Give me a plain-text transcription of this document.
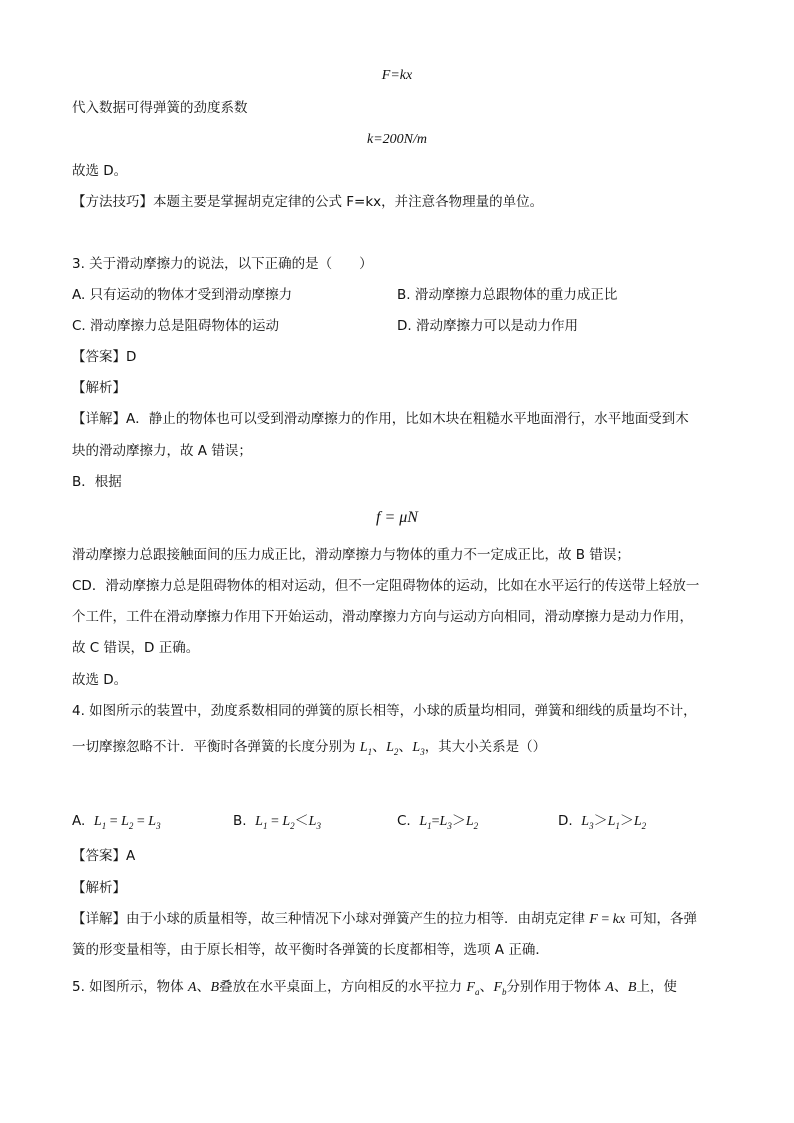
F=kx
代入数据可得弹簧的劲度系数
k=200N/m
故选 D。
【方法技巧】本题主要是掌握胡克定律的公式 F=kx，并注意各物理量的单位。
3. 关于滑动摩擦力的说法，以下正确的是（　　）
A. 只有运动的物体才受到滑动摩擦力	B. 滑动摩擦力总跟物体的重力成正比
C. 滑动摩擦力总是阻碍物体的运动	D. 滑动摩擦力可以是动力作用
【答案】D
【解析】
【详解】A．静止的物体也可以受到滑动摩擦力的作用，比如木块在粗糙水平地面滑行，水平地面受到木
块的滑动摩擦力，故 A 错误；
B．根据
f = μN
滑动摩擦力总跟接触面间的压力成正比，滑动摩擦力与物体的重力不一定成正比，故 B 错误；
CD．滑动摩擦力总是阻碍物体的相对运动，但不一定阻碍物体的运动，比如在水平运行的传送带上轻放一
个工件，工件在滑动摩擦力作用下开始运动，滑动摩擦力方向与运动方向相同，滑动摩擦力是动力作用，
故 C 错误，D 正确。
故选 D。
4. 如图所示的装置中，劲度系数相同的弹簧的原长相等，小球的质量均相同，弹簧和细线的质量均不计，
一切摩擦忽略不计．平衡时各弹簧的长度分别为 $L_1$、$L_2$、$L_3$，其大小关系是（）
A. $L_1 = L_2 = L_3$	B. $L_1 = L_2<L_3$	C. $L_1=L_3>L_2$	D. $L_3>L_1>L_2$
【答案】A
【解析】
【详解】由于小球的质量相等，故三种情况下小球对弹簧产生的拉力相等．由胡克定律 F = kx 可知，各弹
簧的形变量相等，由于原长相等，故平衡时各弹簧的长度都相等，选项 A 正确．
5. 如图所示，物体 A、B叠放在水平桌面上，方向相反的水平拉力 $F_a$、$F_b$分别作用于物体 A、B上，使
